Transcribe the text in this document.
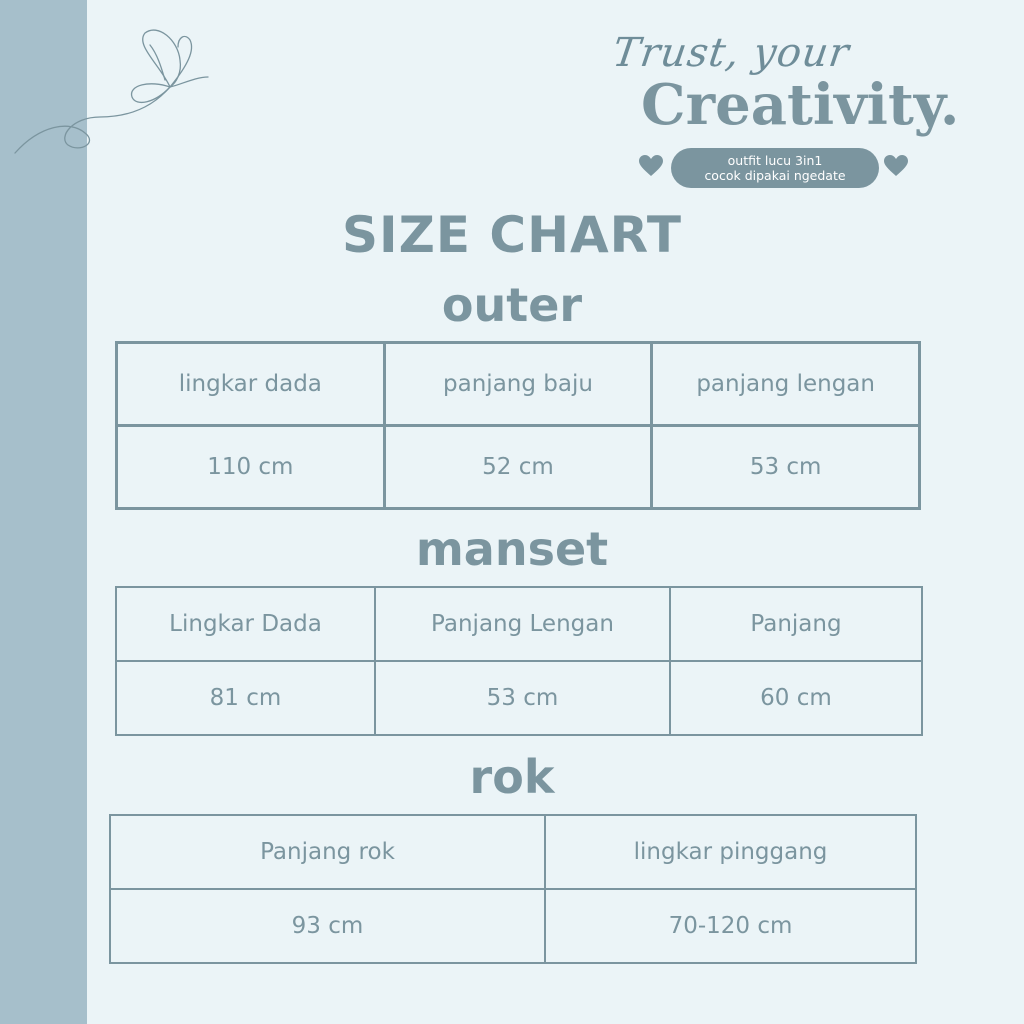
Trust, your
Creativity.
outfit lucu 3in1
cocok dipakai ngedate
SIZE CHART
outer
lingkar dada	panjang baju	panjang lengan
110 cm	52 cm	53 cm
manset
Lingkar Dada	Panjang Lengan	Panjang
81 cm	53 cm	60 cm
rok
Panjang rok	lingkar pinggang
93 cm	70-120 cm
